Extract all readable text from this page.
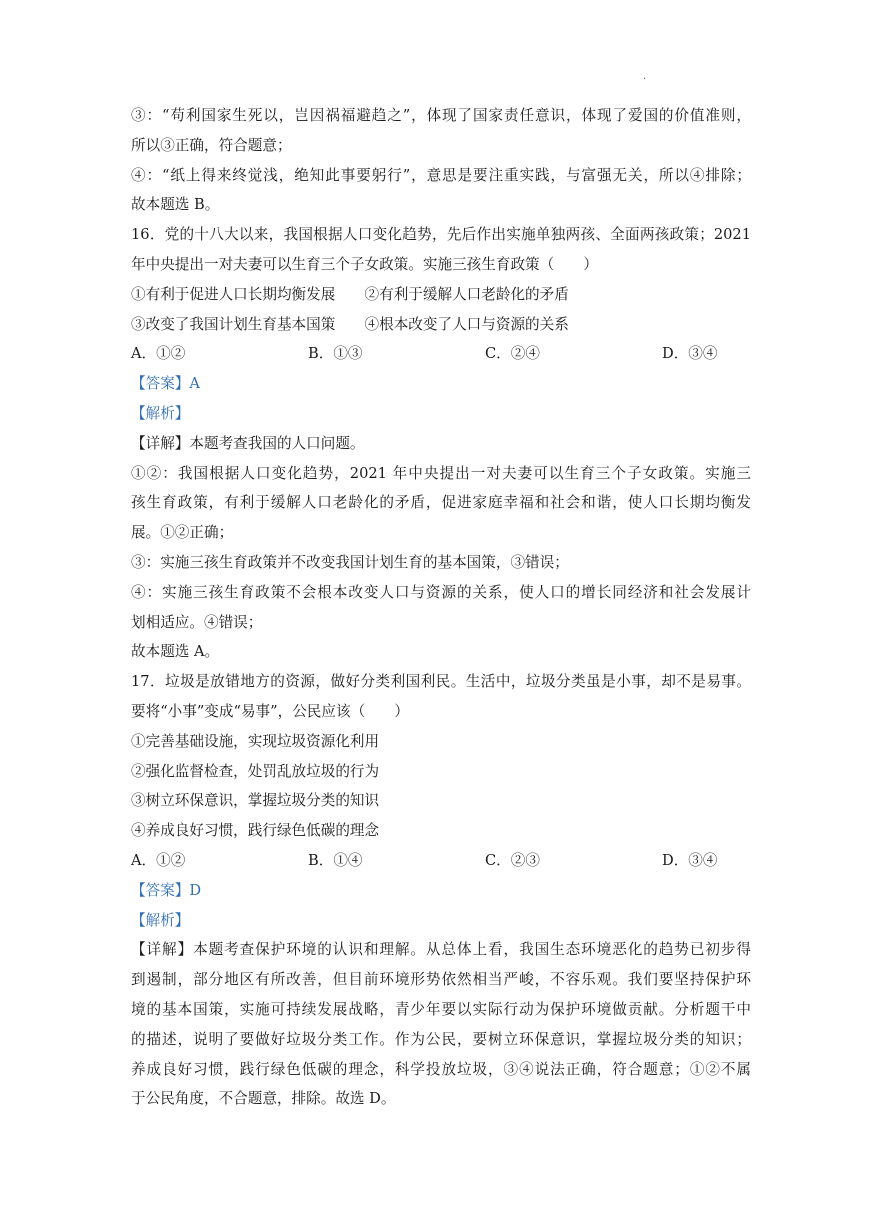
·
③：“苟利国家生死以，岂因祸福避趋之”，体现了国家责任意识，体现了爱国的价值准则，
所以③正确，符合题意；
④：“纸上得来终觉浅，绝知此事要躬行”，意思是要注重实践，与富强无关，所以④排除；
故本题选 B。
16．党的十八大以来，我国根据人口变化趋势，先后作出实施单独两孩、全面两孩政策；2021
年中央提出一对夫妻可以生育三个子女政策。实施三孩生育政策（　　）
①有利于促进人口长期均衡发展　　②有利于缓解人口老龄化的矛盾
③改变了我国计划生育基本国策　　④根本改变了人口与资源的关系
A．①②	B．①③	C．②④	D．③④
【答案】A
【解析】
【详解】本题考查我国的人口问题。
①②：我国根据人口变化趋势，2021 年中央提出一对夫妻可以生育三个子女政策。实施三
孩生育政策，有利于缓解人口老龄化的矛盾，促进家庭幸福和社会和谐，使人口长期均衡发
展。①②正确；
③：实施三孩生育政策并不改变我国计划生育的基本国策，③错误；
④：实施三孩生育政策不会根本改变人口与资源的关系，使人口的增长同经济和社会发展计
划相适应。④错误；
故本题选 A。
17．垃圾是放错地方的资源，做好分类利国利民。生活中，垃圾分类虽是小事，却不是易事。
要将“小事”变成“易事”，公民应该（　　）
①完善基础设施，实现垃圾资源化利用
②强化监督检查，处罚乱放垃圾的行为
③树立环保意识，掌握垃圾分类的知识
④养成良好习惯，践行绿色低碳的理念
A．①②	B．①④	C．②③	D．③④
【答案】D
【解析】
【详解】本题考查保护环境的认识和理解。从总体上看，我国生态环境恶化的趋势已初步得
到遏制，部分地区有所改善，但目前环境形势依然相当严峻，不容乐观。我们要坚持保护环
境的基本国策，实施可持续发展战略，青少年要以实际行动为保护环境做贡献。分析题干中
的描述，说明了要做好垃圾分类工作。作为公民，要树立环保意识，掌握垃圾分类的知识；
养成良好习惯，践行绿色低碳的理念，科学投放垃圾，③④说法正确，符合题意；①②不属
于公民角度，不合题意，排除。故选 D。
